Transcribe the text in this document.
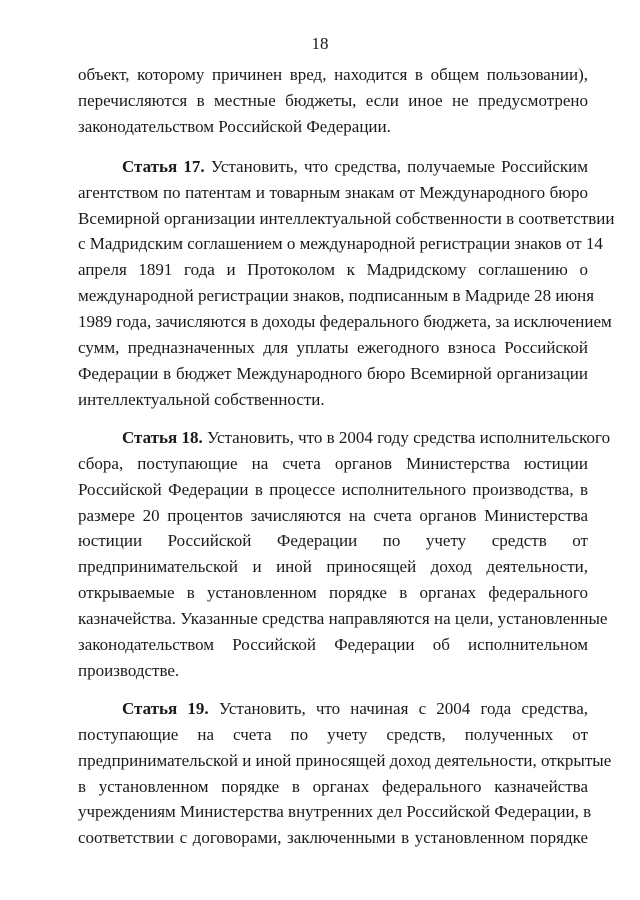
18
объект, которому причинен вред, находится в общем пользовании),
перечисляются в местные бюджеты, если иное не предусмотрено
законодательством Российской Федерации.
Статья 17. Установить, что средства, получаемые Российским
агентством по патентам и товарным знакам от Международного бюро
Всемирной организации интеллектуальной собственности в соответствии
с Мадридским соглашением о международной регистрации знаков от 14
апреля 1891 года и Протоколом к Мадридскому соглашению о
международной регистрации знаков, подписанным в Мадриде 28 июня
1989 года, зачисляются в доходы федерального бюджета, за исключением
сумм, предназначенных для уплаты ежегодного взноса Российской
Федерации в бюджет Международного бюро Всемирной организации
интеллектуальной собственности.
Статья 18. Установить, что в 2004 году средства исполнительского
сбора, поступающие на счета органов Министерства юстиции
Российской Федерации в процессе исполнительного производства, в
размере 20 процентов зачисляются на счета органов Министерства
юстиции Российской Федерации по учету средств от
предпринимательской и иной приносящей доход деятельности,
открываемые в установленном порядке в органах федерального
казначейства. Указанные средства направляются на цели, установленные
законодательством Российской Федерации об исполнительном
производстве.
Статья 19. Установить, что начиная с 2004 года средства,
поступающие на счета по учету средств, полученных от
предпринимательской и иной приносящей доход деятельности, открытые
в установленном порядке в органах федерального казначейства
учреждениям Министерства внутренних дел Российской Федерации, в
соответствии с договорами, заключенными в установленном порядке
